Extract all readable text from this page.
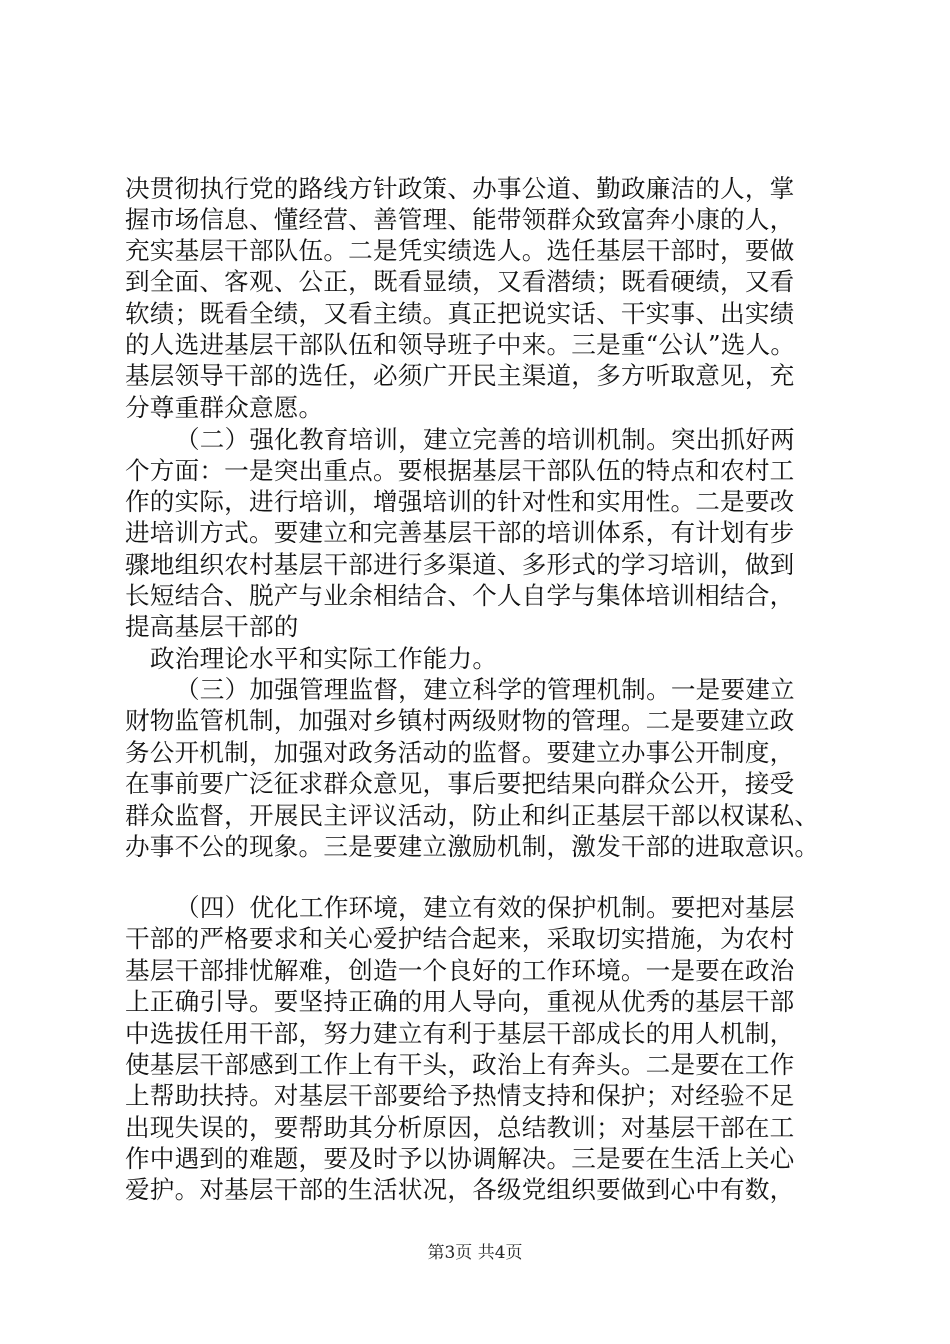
决贯彻执行党的路线方针政策、办事公道、勤政廉洁的人，掌
握市场信息、懂经营、善管理、能带领群众致富奔小康的人，
充实基层干部队伍。二是凭实绩选人。选任基层干部时，要做
到全面、客观、公正，既看显绩，又看潜绩；既看硬绩，又看
软绩；既看全绩，又看主绩。真正把说实话、干实事、出实绩
的人选进基层干部队伍和领导班子中来。三是重“公认”选人。
基层领导干部的选任，必须广开民主渠道，多方听取意见，充
分尊重群众意愿。
（二）强化教育培训，建立完善的培训机制。突出抓好两
个方面：一是突出重点。要根据基层干部队伍的特点和农村工
作的实际，进行培训，增强培训的针对性和实用性。二是要改
进培训方式。要建立和完善基层干部的培训体系，有计划有步
骤地组织农村基层干部进行多渠道、多形式的学习培训，做到
长短结合、脱产与业余相结合、个人自学与集体培训相结合，
提高基层干部的
政治理论水平和实际工作能力。
（三）加强管理监督，建立科学的管理机制。一是要建立
财物监管机制，加强对乡镇村两级财物的管理。二是要建立政
务公开机制，加强对政务活动的监督。要建立办事公开制度，
在事前要广泛征求群众意见，事后要把结果向群众公开，接受
群众监督，开展民主评议活动，防止和纠正基层干部以权谋私、
办事不公的现象。三是要建立激励机制，激发干部的进取意识。
（四）优化工作环境，建立有效的保护机制。要把对基层
干部的严格要求和关心爱护结合起来，采取切实措施，为农村
基层干部排忧解难，创造一个良好的工作环境。一是要在政治
上正确引导。要坚持正确的用人导向，重视从优秀的基层干部
中选拔任用干部，努力建立有利于基层干部成长的用人机制，
使基层干部感到工作上有干头，政治上有奔头。二是要在工作
上帮助扶持。对基层干部要给予热情支持和保护；对经验不足
出现失误的，要帮助其分析原因，总结教训；对基层干部在工
作中遇到的难题，要及时予以协调解决。三是要在生活上关心
爱护。对基层干部的生活状况，各级党组织要做到心中有数，
第3页 共4页
